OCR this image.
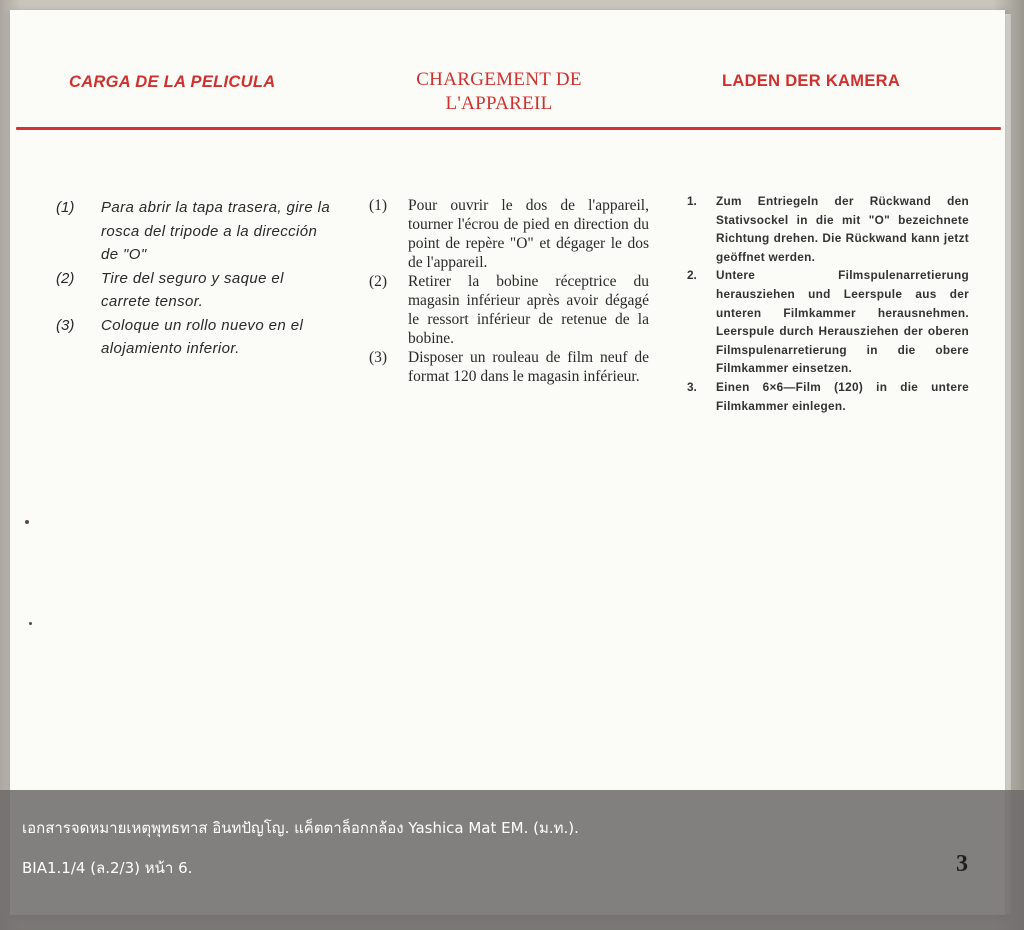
CARGA DE LA PELICULA	CHARGEMENT DE
L'APPAREIL
LADEN DER KAMERA
(1) Para abrir la tapa trasera, gire la rosca del tripode a la dirección de "O"
(2) Tire del seguro y saque el carrete tensor.
(3) Coloque un rollo nuevo en el alojamiento inferior.
(1) Pour ouvrir le dos de l'appareil, tourner l'écrou de pied en direction du point de repère "O" et dégager le dos de l'appareil.
(2) Retirer la bobine réceptrice du magasin inférieur après avoir dégagé le ressort inférieur de retenue de la bobine.
(3) Disposer un rouleau de film neuf de format 120 dans le magasin inférieur.
1. Zum Entriegeln der Rückwand den Stativsockel in die mit "O" bezeichnete Richtung drehen. Die Rückwand kann jetzt geöffnet werden.
2. Untere Filmspulenarretierung herausziehen und Leerspule aus der unteren Filmkammer herausnehmen. Leerspule durch Herausziehen der oberen Filmspulenarretierung in die obere Filmkammer einsetzen.
3. Einen 6×6—Film (120) in die untere Filmkammer einlegen.
เอกสารจดหมายเหตุพุทธทาส อินทปัญโญ. แค็ตตาล็อกกล้อง Yashica Mat EM. (ม.ท.).
BIA1.1/4 (ล.2/3) หน้า 6.	3
